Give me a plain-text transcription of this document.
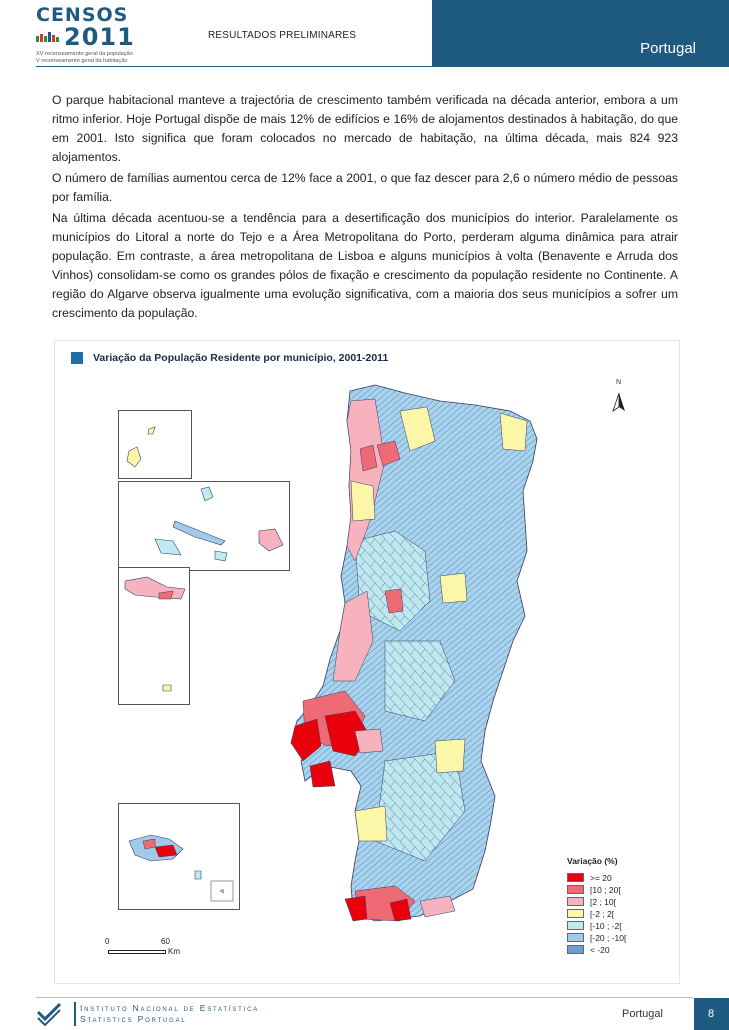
CENSOS
2011
XV recenseamento geral da população
V recenseamento geral da habitação
RESULTADOS PRELIMINARES
Portugal

O parque habitacional manteve a trajectória de crescimento também verificada na década anterior, embora a um ritmo inferior. Hoje Portugal dispõe de mais 12% de edifícios e 16% de alojamentos destinados à habitação, do que em 2001. Isto significa que foram colocados no mercado de habitação, na última década, mais 824 923 alojamentos.

O número de famílias aumentou cerca de 12% face a 2001, o que faz descer para 2,6 o número médio de pessoas por família.

Na última década acentuou-se a tendência para a desertificação dos municípios do interior. Paralelamente os municípios do Litoral a norte do Tejo e a Área Metropolitana do Porto, perderam alguma dinâmica para atrair população. Em contraste, a área metropolitana de Lisboa e alguns municípios à volta (Benavente e Arruda dos Vinhos) consolidam-se como os grandes pólos de fixação e crescimento da população residente no Continente. A região do Algarve observa igualmente uma evolução significativa, com a maioria dos seus municípios a sofrer um crescimento da população.

Variação da População Residente por município, 2001-2011
N
Variação (%)
>= 20
[10 ; 20[
[2 ; 10[
[-2 ; 2[
[-10 ; -2[
[-20 ; -10[
< -20
0	60
Km
Instituto Nacional de Estatística
Statistics Portugal	Portugal	8
